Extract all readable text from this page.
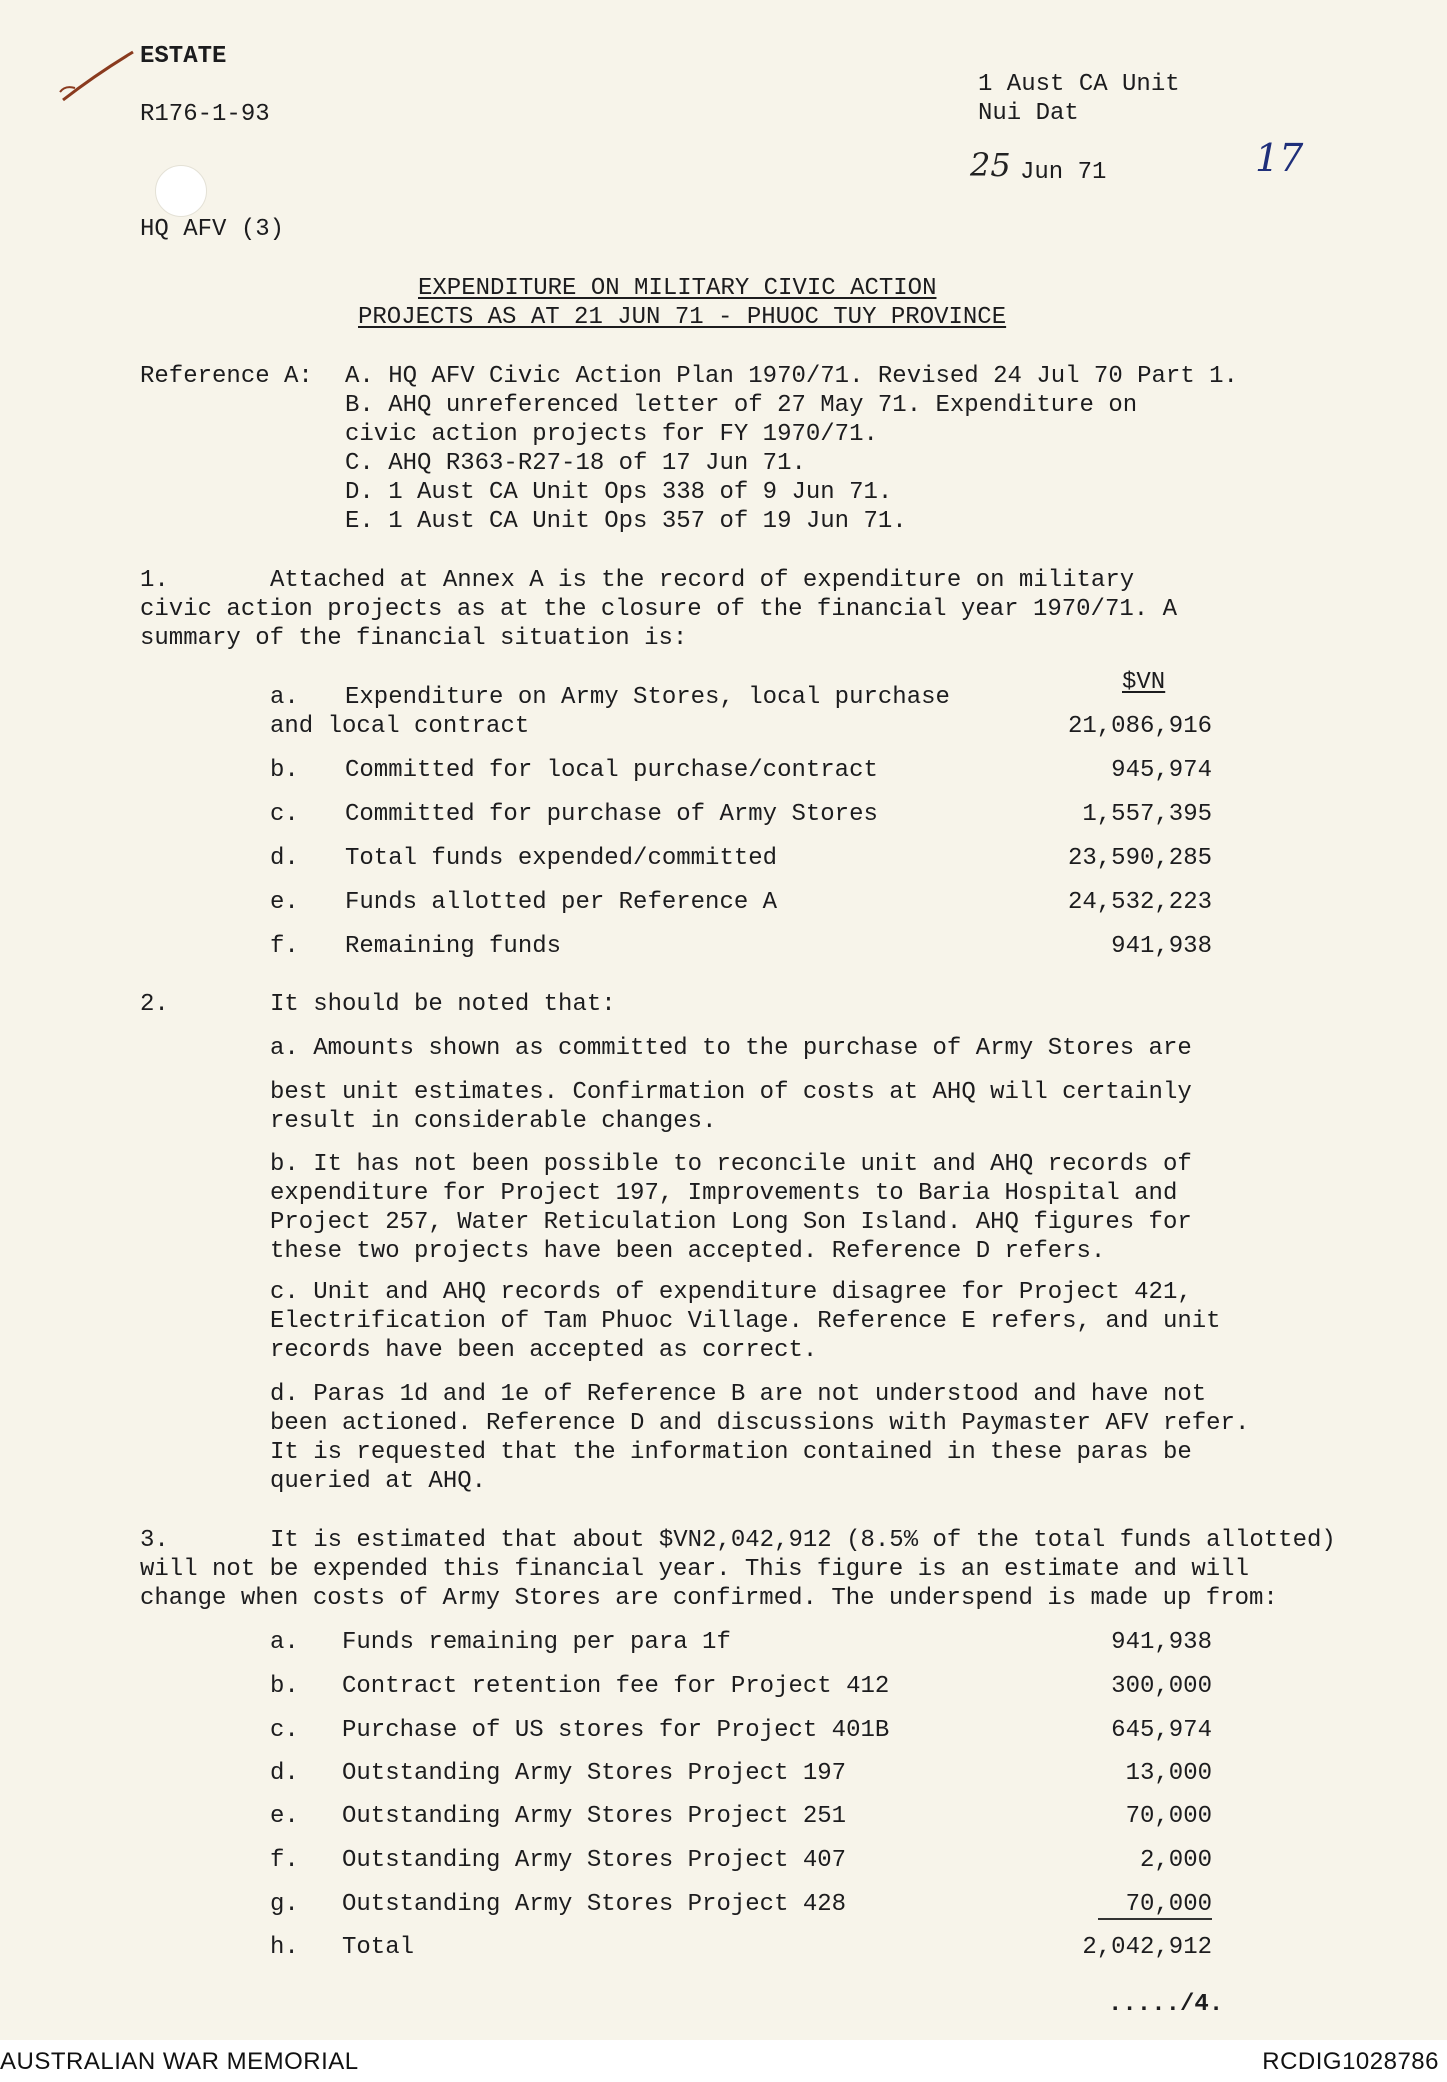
ESTATE
R176-1-93
1 Aust CA Unit
Nui Dat
25 Jun 71	17
HQ AFV (3)
EXPENDITURE ON MILITARY CIVIC ACTION
PROJECTS AS AT 21 JUN 71 - PHUOC TUY PROVINCE
Reference A: A. HQ AFV Civic Action Plan 1970/71. Revised 24 Jul 70 Part 1.
B. AHQ unreferenced letter of 27 May 71. Expenditure on
civic action projects for FY 1970/71.
C. AHQ R363-R27-18 of 17 Jun 71.
D. 1 Aust CA Unit Ops 338 of 9 Jun 71.
E. 1 Aust CA Unit Ops 357 of 19 Jun 71.
1.	Attached at Annex A is the record of expenditure on military
civic action projects as at the closure of the financial year 1970/71. A
summary of the financial situation is:
$VN
a. Expenditure on Army Stores, local purchase
and local contract	21,086,916
b. Committed for local purchase/contract	945,974
c. Committed for purchase of Army Stores	1,557,395
d. Total funds expended/committed	23,590,285
e. Funds allotted per Reference A	24,532,223
f. Remaining funds	941,938
2.	It should be noted that:
a. Amounts shown as committed to the purchase of Army Stores are
best unit estimates. Confirmation of costs at AHQ will certainly
result in considerable changes.
b. It has not been possible to reconcile unit and AHQ records of
expenditure for Project 197, Improvements to Baria Hospital and
Project 257, Water Reticulation Long Son Island. AHQ figures for
these two projects have been accepted. Reference D refers.
c. Unit and AHQ records of expenditure disagree for Project 421,
Electrification of Tam Phuoc Village. Reference E refers, and unit
records have been accepted as correct.
d. Paras 1d and 1e of Reference B are not understood and have not
been actioned. Reference D and discussions with Paymaster AFV refer.
It is requested that the information contained in these paras be
queried at AHQ.
3.	It is estimated that about $VN2,042,912 (8.5% of the total funds allotted)
will not be expended this financial year. This figure is an estimate and will
change when costs of Army Stores are confirmed. The underspend is made up from:
a. Funds remaining per para 1f	941,938
b. Contract retention fee for Project 412	300,000
c. Purchase of US stores for Project 401B	645,974
d. Outstanding Army Stores Project 197	13,000
e. Outstanding Army Stores Project 251	70,000
f. Outstanding Army Stores Project 407	2,000
g. Outstanding Army Stores Project 428	70,000
h. Total	2,042,912
...../4.
AUSTRALIAN WAR MEMORIAL	RCDIG1028786
